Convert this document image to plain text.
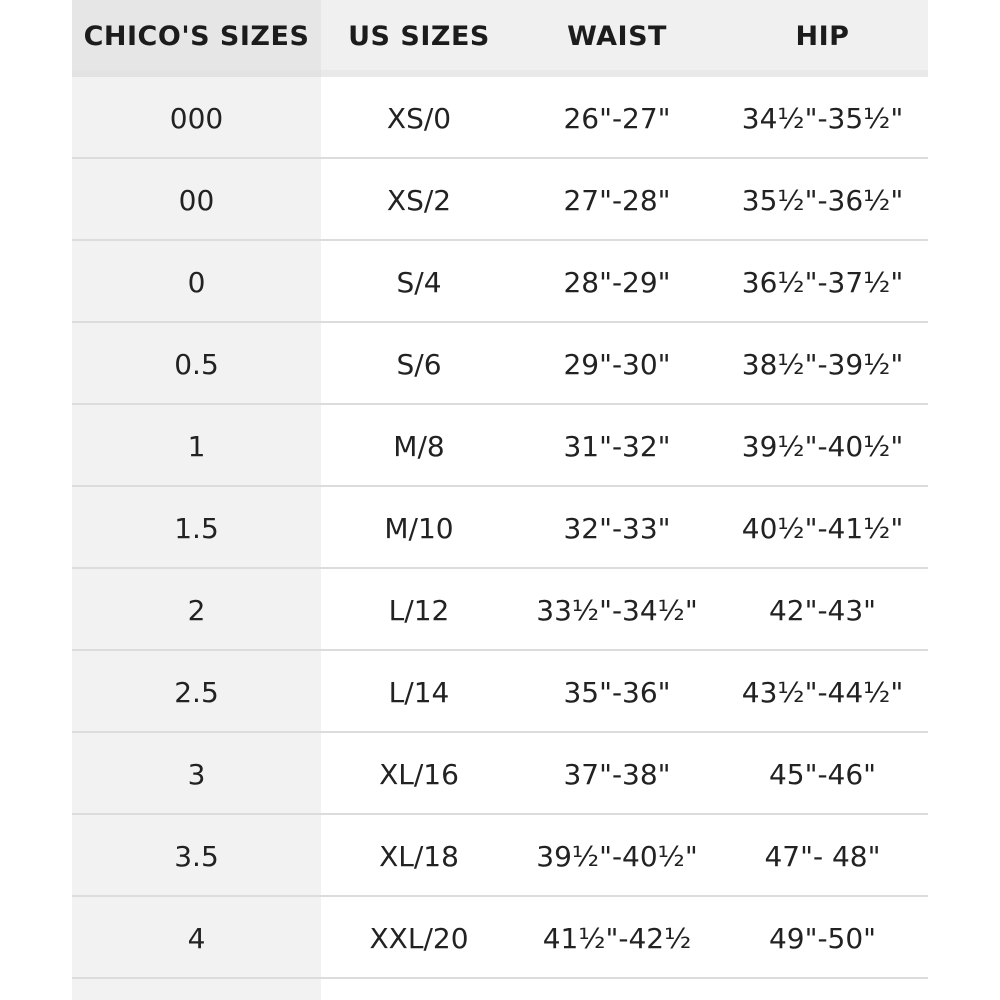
CHICO'S SIZES	US SIZES	WAIST	HIP
000	XS/0	26"-27"	34½"-35½"
00	XS/2	27"-28"	35½"-36½"
0	S/4	28"-29"	36½"-37½"
0.5	S/6	29"-30"	38½"-39½"
1	M/8	31"-32"	39½"-40½"
1.5	M/10	32"-33"	40½"-41½"
2	L/12	33½"-34½"	42"-43"
2.5	L/14	35"-36"	43½"-44½"
3	XL/16	37"-38"	45"-46"
3.5	XL/18	39½"-40½"	47"- 48"
4	XXL/20	41½"-42½	49"-50"
